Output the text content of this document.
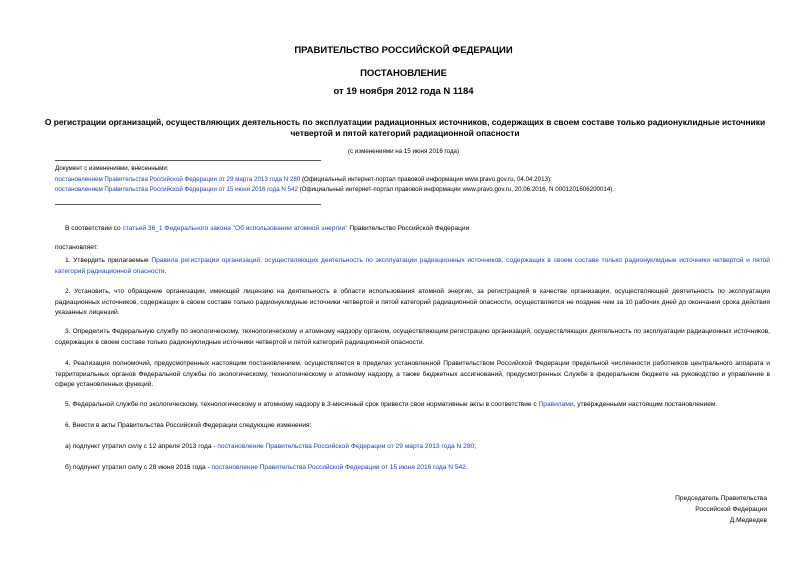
ПРАВИТЕЛЬСТВО РОССИЙСКОЙ ФЕДЕРАЦИИ
ПОСТАНОВЛЕНИЕ
от 19 ноября 2012 года N 1184
О регистрации организаций, осуществляющих деятельность по эксплуатации радиационных источников, содержащих в своем составе только радионуклидные источники четвертой и пятой категорий радиационной опасности
(с изменениями на 15 июня 2016 года)
Документ с изменениями, внесенными:
постановлением Правительства Российской Федерации от 29 марта 2013 года N 280 (Официальный интернет-портал правовой информации www.pravo.gov.ru, 04.04.2013);
постановлением Правительства Российской Федерации от 15 июня 2016 года N 542 (Официальный интернет-портал правовой информации www.pravo.gov.ru, 20.06.2016, N 0001201606200014).
В соответствии со статьей 36_1 Федерального закона "Об использовании атомной энергии" Правительство Российской Федерации
постановляет:
1. Утвердить прилагаемые Правила регистрации организаций, осуществляющих деятельность по эксплуатации радиационных источников, содержащих в своем составе только радионуклидные источники четвертой и пятой категорий радиационной опасности.
2. Установить, что обращение организации, имеющей лицензию на деятельность в области использования атомной энергии, за регистрацией в качестве организации, осуществляющей деятельность по эксплуатации радиационных источников, содержащих в своем составе только радионуклидные источники четвертой и пятой категорий радиационной опасности, осуществляется не позднее чем за 10 рабочих дней до окончания срока действия указанных лицензий.
3. Определить Федеральную службу по экологическому, технологическому и атомному надзору органом, осуществляющим регистрацию организаций, осуществляющих деятельность по эксплуатации радиационных источников, содержащих в своем составе только радионуклидные источники четвертой и пятой категорий радиационной опасности.
4. Реализация полномочий, предусмотренных настоящим постановлением, осуществляется в пределах установленной Правительством Российской Федерации предельной численности работников центрального аппарата и территориальных органов Федеральной службы по экологическому, технологическому и атомному надзору, а также бюджетных ассигнований, предусмотренных Службе в федеральном бюджете на руководство и управление в сфере установленных функций.
5. Федеральной службе по экологическому, технологическому и атомному надзору в 3-месячный срок привести свои нормативные акты в соответствие с Правилами, утвержденными настоящим постановлением.
6. Внести в акты Правительства Российской Федерации следующие изменения:
а) подпункт утратил силу с 12 апреля 2013 года - постановление Правительства Российской Федерации от 29 марта 2013 года N 280;
б) подпункт утратил силу с 28 июня 2016 года - постановление Правительства Российской Федерации от 15 июня 2016 года N 542.
Председатель Правительства
Российской Федерации
Д.Медведев
